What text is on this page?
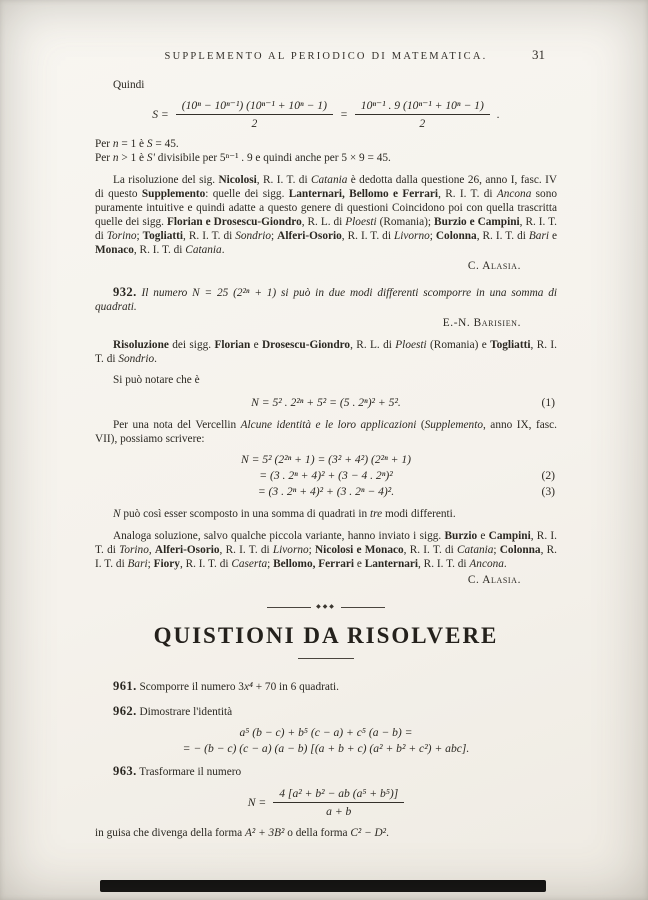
SUPPLEMENTO AL PERIODICO DI MATEMATICA.	31

Quindi

$S = \frac{\text{(10ⁿ − 10ⁿ⁻¹) (10ⁿ⁻¹ + 10ⁿ − 1)}}{2} = \frac{\text{10ⁿ⁻¹ . 9 (10ⁿ⁻¹ + 10ⁿ − 1)}}{2}$ .

Per n = 1 è S = 45.

Per n > 1 è S' divisibile per 5ⁿ⁻¹ . 9 e quindi anche per 5 × 9 = 45.

La risoluzione del sig. Nicolosi, R. I. T. di Catania è dedotta dalla questione 26, anno I, fasc. IV di questo Supplemento: quelle dei sigg. Lanternari, Bellomo e Ferrari, R. I. T. di Ancona sono puramente intuitive e quindi adatte a questo genere di questioni Coincidono poi con quella trascritta quelle dei sigg. Florian e Drosescu-Giondro, R. L. di Ploesti (Romania); Burzio e Campini, R. I. T. di Torino; Togliatti, R. I. T. di Sondrio; Alferi-Osorio, R. I. T. di Livorno; Colonna, R. I. T. di Bari e Monaco, R. I. T. di Catania.

C. Alasia.

932. Il numero N = 25 (2²ⁿ + 1) si può in due modi differenti scomporre in una somma di quadrati.

E.-N. Barisien.

Risoluzione dei sigg. Florian e Drosescu-Giondro, R. L. di Ploesti (Romania) e Togliatti, R. I. T. di Sondrio.

Si può notare che è

N = 5² . 2²ⁿ + 5² = (5 . 2ⁿ)² + 5².	(1)

Per una nota del Vercellin Alcune identità e le loro applicazioni (Supplemento, anno IX, fasc. VII), possiamo scrivere:

N = 5² (2²ⁿ + 1) = (3² + 4²) (2²ⁿ + 1)
= (3 . 2ⁿ + 4)² + (3 − 4 . 2ⁿ)²	(2)
= (3 . 2ⁿ + 4)² + (3 . 2ⁿ − 4)².	(3)

N può così esser scomposto in una somma di quadrati in tre modi differenti.

Analoga soluzione, salvo qualche piccola variante, hanno inviato i sigg. Burzio e Campini, R. I. T. di Torino, Alferi-Osorio, R. I. T. di Livorno; Nicolosi e Monaco, R. I. T. di Catania; Colonna, R. I. T. di Bari; Fiory, R. I. T. di Caserta; Bellomo, Ferrari e Lanternari, R. I. T. di Ancona.

C. Alasia.

◆◆◆
QUISTIONI DA RISOLVERE

961. Scomporre il numero 3x⁴ + 70 in 6 quadrati.

962. Dimostrare l'identità

a⁵ (b − c) + b⁵ (c − a) + c⁵ (a − b) =
= − (b − c) (c − a) (a − b) [(a + b + c) (a² + b² + c²) + abc].

963. Trasformare il numero

$N = \frac{\text{4 [a² + b² − ab (a⁵ + b⁵)]}}{a + b}$

in guisa che divenga della forma A² + 3B² o della forma C² − D².
